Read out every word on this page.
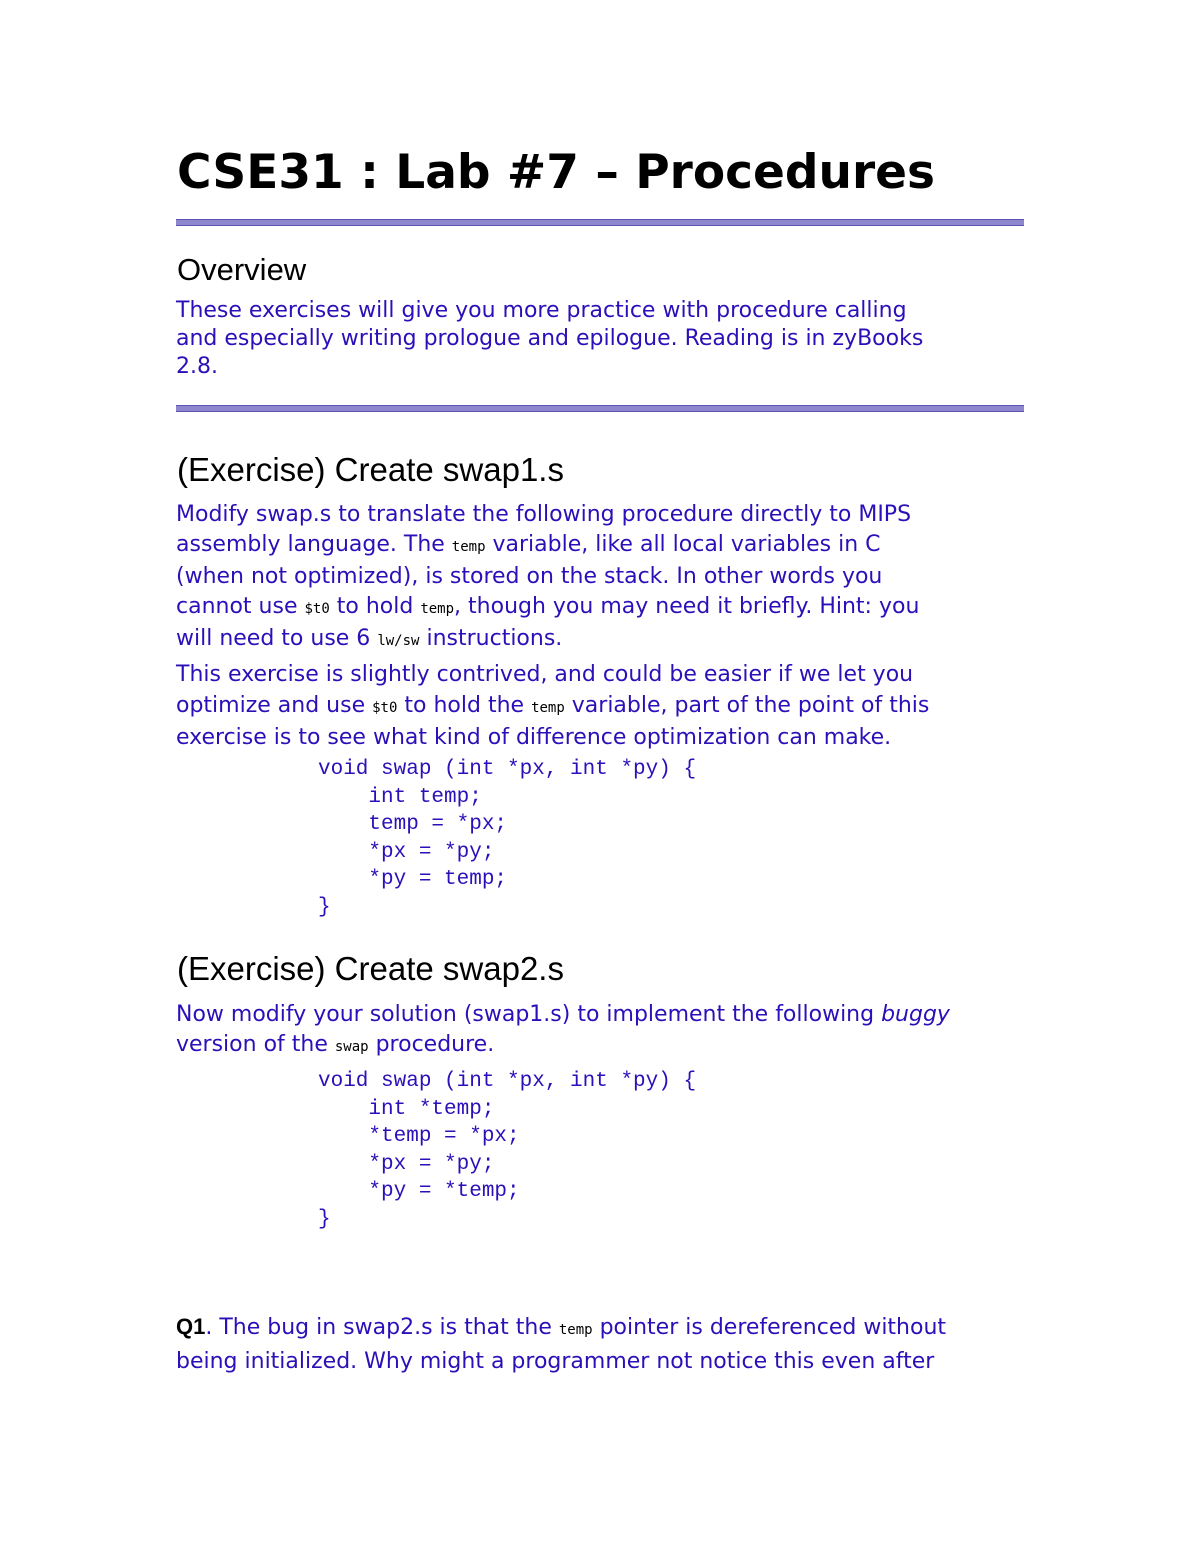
CSE31 : Lab #7 – Procedures
Overview

These exercises will give you more practice with procedure calling
and especially writing prologue and epilogue. Reading is in zyBooks
2.8.

(Exercise) Create swap1.s

Modify swap.s to translate the following procedure directly to MIPS
assembly language. The temp variable, like all local variables in C
(when not optimized), is stored on the stack. In other words you
cannot use $t0 to hold temp, though you may need it briefly. Hint: you
will need to use 6 lw/sw instructions.

This exercise is slightly contrived, and could be easier if we let you
optimize and use $t0 to hold the temp variable, part of the point of this
exercise is to see what kind of difference optimization can make.

void swap (int *px, int *py) {
int temp;
temp = *px;
*px = *py;
*py = temp;
}
(Exercise) Create swap2.s

Now modify your solution (swap1.s) to implement the following buggy
version of the swap procedure.

void swap (int *px, int *py) {
int *temp;
*temp = *px;
*px = *py;
*py = *temp;
}

Q1. The bug in swap2.s is that the temp pointer is dereferenced without
being initialized. Why might a programmer not notice this even after
